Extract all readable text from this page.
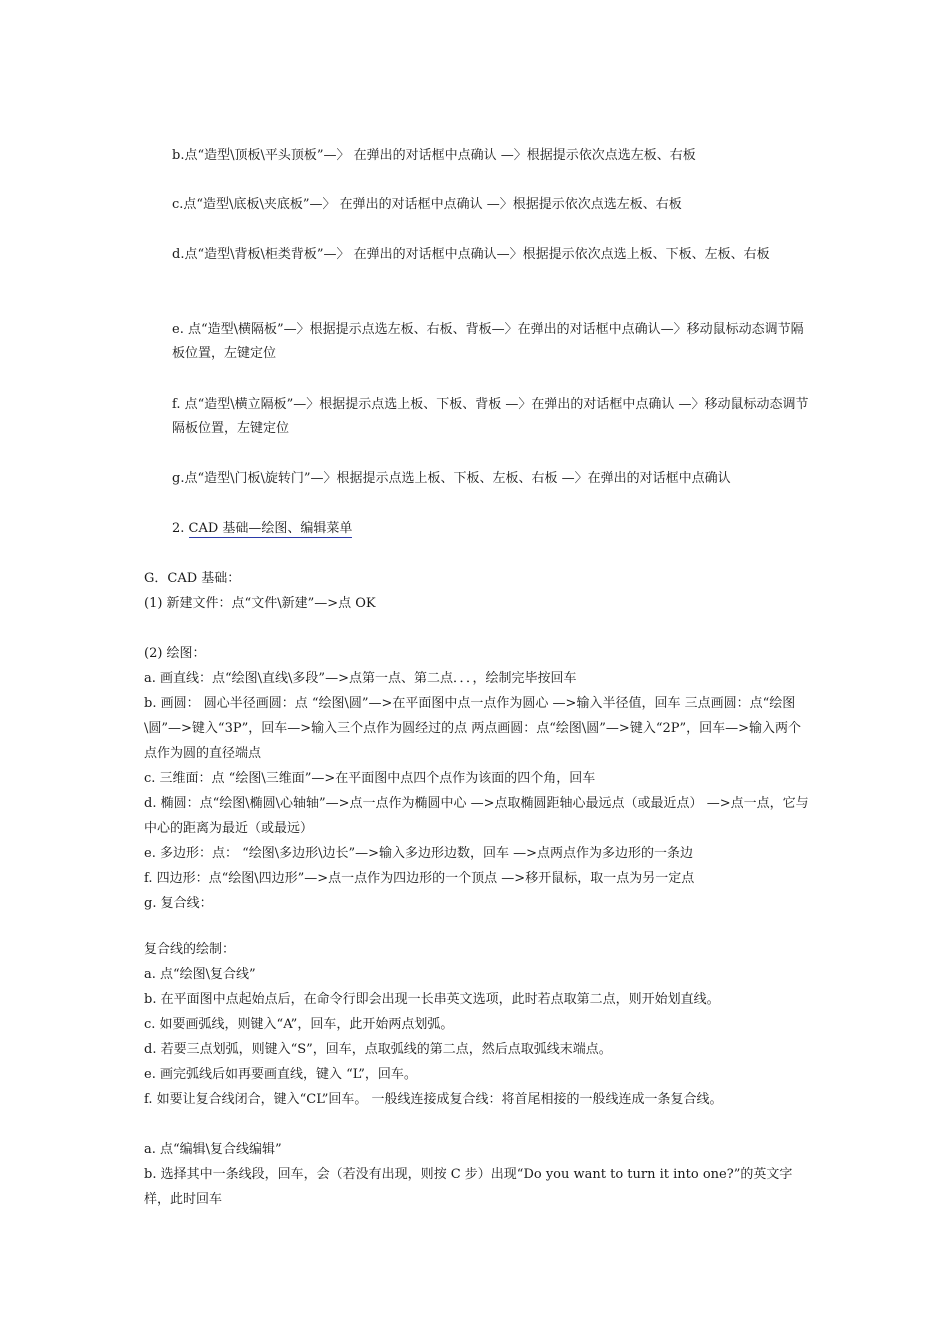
b.点“造型\顶板\平头顶板”—〉 在弹出的对话框中点确认 —〉根据提示依次点选左板、右板
c.点“造型\底板\夹底板”—〉 在弹出的对话框中点确认 —〉根据提示依次点选左板、右板
d.点“造型\背板\柜类背板”—〉 在弹出的对话框中点确认—〉根据提示依次点选上板、下板、左板、右板
e. 点“造型\横隔板”—〉根据提示点选左板、右板、背板—〉在弹出的对话框中点确认—〉移动鼠标动态调节隔板位置，左键定位
f. 点“造型\横立隔板”—〉根据提示点选上板、下板、背板 —〉在弹出的对话框中点确认 —〉移动鼠标动态调节隔板位置，左键定位
g.点“造型\门板\旋转门”—〉根据提示点选上板、下板、左板、右板 —〉在弹出的对话框中点确认
2. CAD 基础—绘图、编辑菜单
G．CAD 基础：
(1) 新建文件：点“文件\新建”—>点 OK
(2) 绘图：
a. 画直线：点“绘图\直线\多段”—>点第一点、第二点．．．，绘制完毕按回车
b. 画圆： 圆心半径画圆：点 “绘图\圆”—>在平面图中点一点作为圆心 —>输入半径值，回车 三点画圆：点“绘图\圆”—>键入“3P”，回车—>输入三个点作为圆经过的点 两点画圆：点“绘图\圆”—>键入“2P”，回车—>输入两个点作为圆的直径端点
c. 三维面：点 “绘图\三维面”—>在平面图中点四个点作为该面的四个角，回车
d. 椭圆：点“绘图\椭圆\心轴轴”—>点一点作为椭圆中心 —>点取椭圆距轴心最远点（或最近点） —>点一点，它与中心的距离为最近（或最远）
e. 多边形：点： “绘图\多边形\边长”—>输入多边形边数，回车 —>点两点作为多边形的一条边
f. 四边形：点“绘图\四边形”—>点一点作为四边形的一个顶点 —>移开鼠标，取一点为另一定点
g. 复合线：
复合线的绘制：
a. 点“绘图\复合线”
b. 在平面图中点起始点后，在命令行即会出现一长串英文选项，此时若点取第二点，则开始划直线。
c. 如要画弧线，则键入“A”，回车，此开始两点划弧。
d. 若要三点划弧，则键入“S”，回车，点取弧线的第二点，然后点取弧线末端点。
e. 画完弧线后如再要画直线，键入 “L”，回车。
f. 如要让复合线闭合，键入“CL”回车。 一般线连接成复合线：将首尾相接的一般线连成一条复合线。
a. 点“编辑\复合线编辑”
b. 选择其中一条线段，回车，会（若没有出现，则按 C 步）出现“Do you want to turn it into one?”的英文字样，此时回车
